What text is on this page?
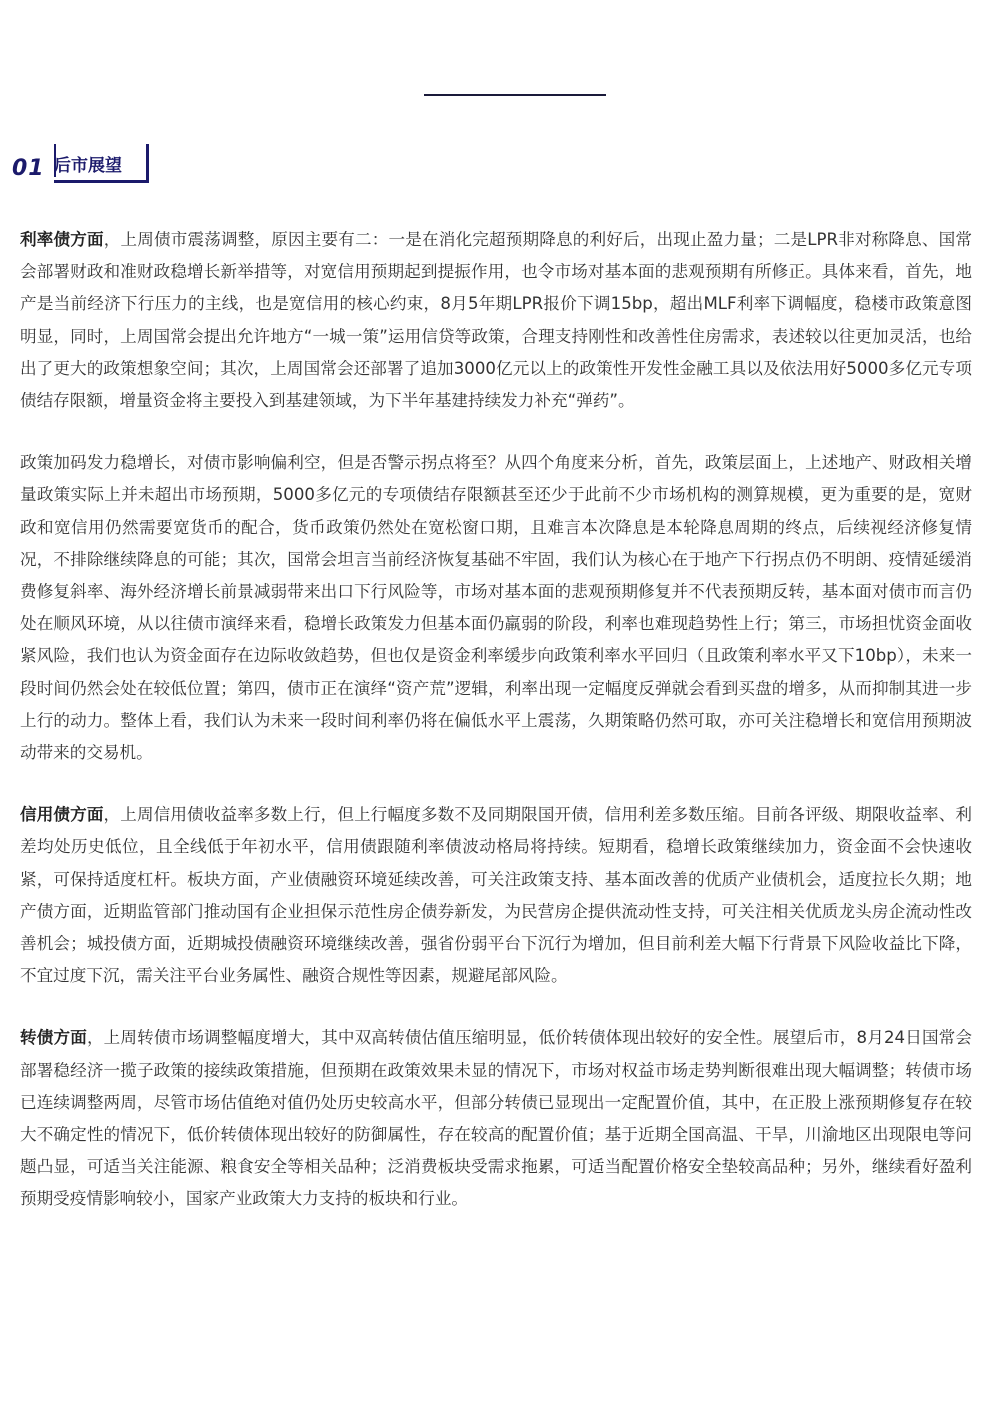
01 后市展望

利率债方面，上周债市震荡调整，原因主要有二：一是在消化完超预期降息的利好后，出现止盈力量；二是LPR非对称降息、国常会部署财政和准财政稳增长新举措等，对宽信用预期起到提振作用，也令市场对基本面的悲观预期有所修正。具体来看，首先，地产是当前经济下行压力的主线，也是宽信用的核心约束，8月5年期LPR报价下调15bp，超出MLF利率下调幅度，稳楼市政策意图明显，同时，上周国常会提出允许地方“一城一策”运用信贷等政策，合理支持刚性和改善性住房需求，表述较以往更加灵活，也给出了更大的政策想象空间；其次，上周国常会还部署了追加3000亿元以上的政策性开发性金融工具以及依法用好5000多亿元专项债结存限额，增量资金将主要投入到基建领域，为下半年基建持续发力补充“弹药”。

政策加码发力稳增长，对债市影响偏利空，但是否警示拐点将至？从四个角度来分析，首先，政策层面上，上述地产、财政相关增量政策实际上并未超出市场预期，5000多亿元的专项债结存限额甚至还少于此前不少市场机构的测算规模，更为重要的是，宽财政和宽信用仍然需要宽货币的配合，货币政策仍然处在宽松窗口期，且难言本次降息是本轮降息周期的终点，后续视经济修复情况，不排除继续降息的可能；其次，国常会坦言当前经济恢复基础不牢固，我们认为核心在于地产下行拐点仍不明朗、疫情延缓消费修复斜率、海外经济增长前景减弱带来出口下行风险等，市场对基本面的悲观预期修复并不代表预期反转，基本面对债市而言仍处在顺风环境，从以往债市演绎来看，稳增长政策发力但基本面仍羸弱的阶段，利率也难现趋势性上行；第三，市场担忧资金面收紧风险，我们也认为资金面存在边际收敛趋势，但也仅是资金利率缓步向政策利率水平回归（且政策利率水平又下10bp），未来一段时间仍然会处在较低位置；第四，债市正在演绎“资产荒”逻辑，利率出现一定幅度反弹就会看到买盘的增多，从而抑制其进一步上行的动力。整体上看，我们认为未来一段时间利率仍将在偏低水平上震荡，久期策略仍然可取，亦可关注稳增长和宽信用预期波动带来的交易机。

信用债方面，上周信用债收益率多数上行，但上行幅度多数不及同期限国开债，信用利差多数压缩。目前各评级、期限收益率、利差均处历史低位，且全线低于年初水平，信用债跟随利率债波动格局将持续。短期看，稳增长政策继续加力，资金面不会快速收紧，可保持适度杠杆。板块方面，产业债融资环境延续改善，可关注政策支持、基本面改善的优质产业债机会，适度拉长久期；地产债方面，近期监管部门推动国有企业担保示范性房企债券新发，为民营房企提供流动性支持，可关注相关优质龙头房企流动性改善机会；城投债方面，近期城投债融资环境继续改善，强省份弱平台下沉行为增加，但目前利差大幅下行背景下风险收益比下降，不宜过度下沉，需关注平台业务属性、融资合规性等因素，规避尾部风险。

转债方面，上周转债市场调整幅度增大，其中双高转债估值压缩明显，低价转债体现出较好的安全性。展望后市，8月24日国常会部署稳经济一揽子政策的接续政策措施，但预期在政策效果未显的情况下，市场对权益市场走势判断很难出现大幅调整；转债市场已连续调整两周，尽管市场估值绝对值仍处历史较高水平，但部分转债已显现出一定配置价值，其中，在正股上涨预期修复存在较大不确定性的情况下，低价转债体现出较好的防御属性，存在较高的配置价值；基于近期全国高温、干旱，川渝地区出现限电等问题凸显，可适当关注能源、粮食安全等相关品种；泛消费板块受需求拖累，可适当配置价格安全垫较高品种；另外，继续看好盈利预期受疫情影响较小，国家产业政策大力支持的板块和行业。
